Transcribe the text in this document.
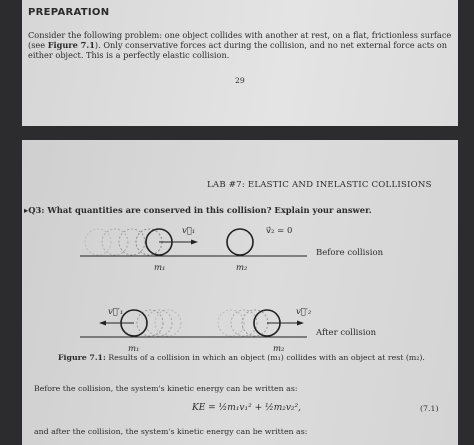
PREPARATION
Consider the following problem: one object collides with another at rest, on a flat, frictionless surface (see Figure 7.1). Only conservative forces act during the collision, and no net external force acts on either object. This is a perfectly elastic collision.
29
LAB #7: ELASTIC AND INELASTIC COLLISIONS
▸Q3: What quantities are conserved in this collision? Explain your answer.
v⃗₁	v⃗₂ = 0
Before collision
m₁	m₂
v⃗′₁	v⃗′₂
After collision
m₁	m₂
Figure 7.1: Results of a collision in which an object (m₁) collides with an object at rest (m₂).
Before the collision, the system's kinetic energy can be written as:
KE = ½m₁v₁² + ½m₂v₂²,	(7.1)
and after the collision, the system's kinetic energy can be written as:
